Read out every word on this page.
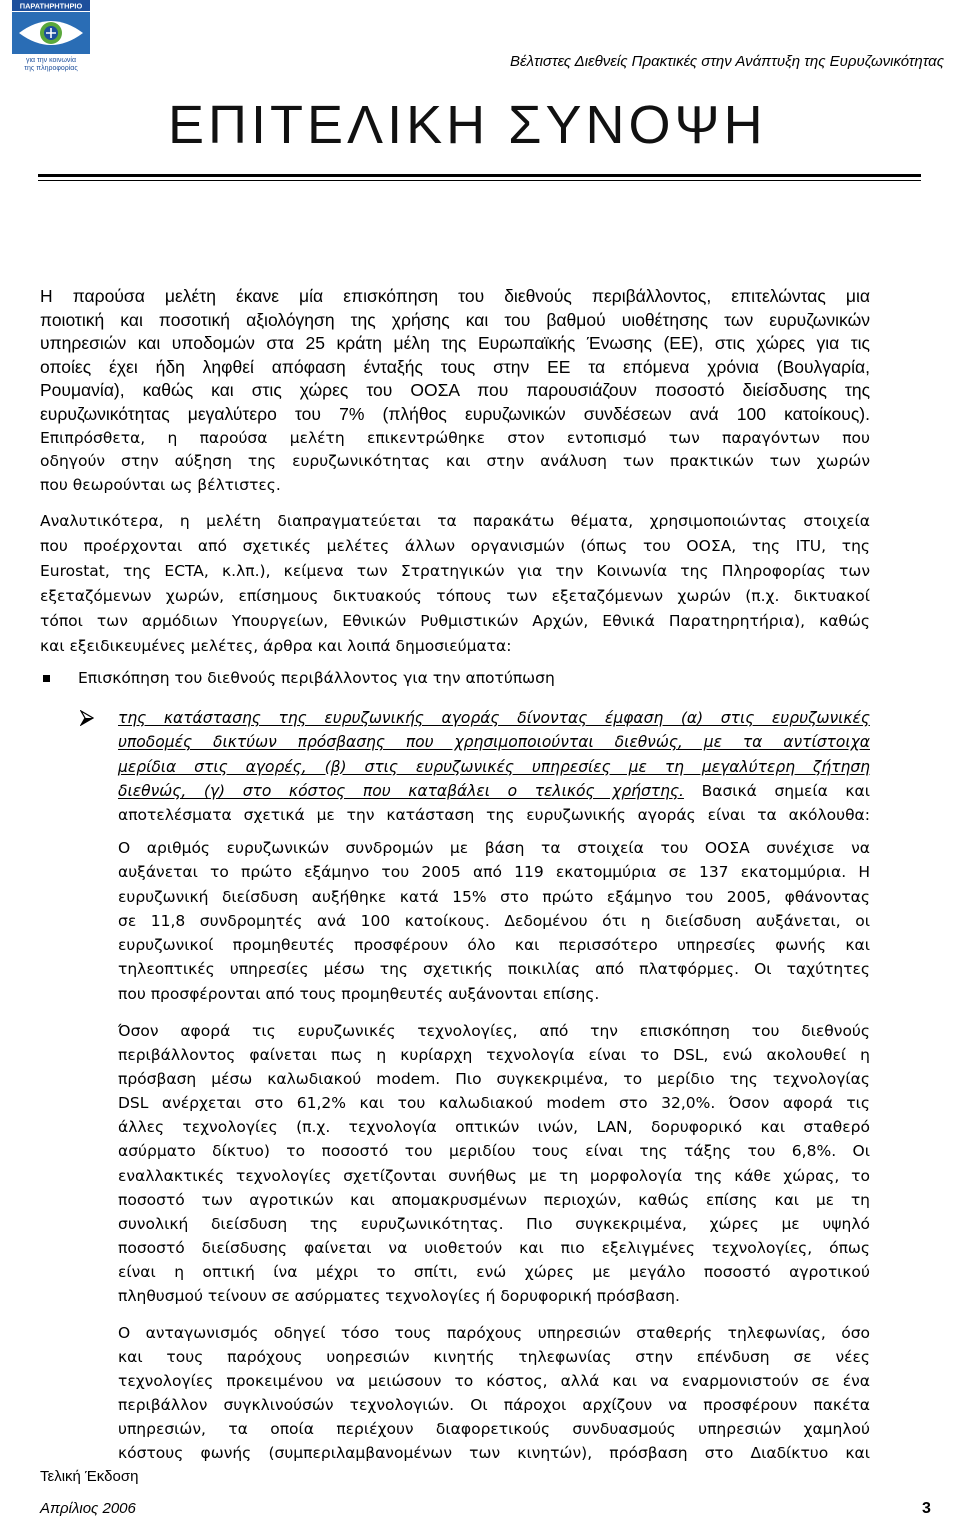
ΠΑΡΑΤΗΡΗΤΗΡΙΟ
για την κοινωνία
της πληροφορίας	Βέλτιστες Διεθνείς Πρακτικές στην Ανάπτυξη της Ευρυζωνικότητας
ΕΠΙΤΕΛΙΚΗ ΣΥΝΟΨΗ
Η παρούσα μελέτη έκανε μία επισκόπηση του διεθνούς περιβάλλοντος, επιτελώντας μια
ποιοτική και ποσοτική αξιολόγηση της χρήσης και του βαθμού υιοθέτησης των ευρυζωνικών
υπηρεσιών και υποδομών στα 25 κράτη μέλη της Ευρωπαϊκής Ένωσης (ΕΕ), στις χώρες για τις
οποίες έχει ήδη ληφθεί απόφαση ένταξής τους στην ΕΕ τα επόμενα χρόνια (Βουλγαρία,
Ρουμανία), καθώς και στις χώρες του ΟΟΣΑ που παρουσιάζουν ποσοστό διείσδυσης της
ευρυζωνικότητας μεγαλύτερο του 7% (πλήθος ευρυζωνικών συνδέσεων ανά 100 κατοίκους).
Επιπρόσθετα, η παρούσα μελέτη επικεντρώθηκε στον εντοπισμό των παραγόντων που
οδηγούν στην αύξηση της ευρυζωνικότητας και στην ανάλυση των πρακτικών των χωρών
που θεωρούνται ως βέλτιστες.
Αναλυτικότερα, η μελέτη διαπραγματεύεται τα παρακάτω θέματα, χρησιμοποιώντας στοιχεία
που προέρχονται από σχετικές μελέτες άλλων οργανισμών (όπως του ΟΟΣΑ, της ITU, της
Eurostat, της ECTA, κ.λπ.), κείμενα των Στρατηγικών για την Κοινωνία της Πληροφορίας των
εξεταζόμενων χωρών, επίσημους δικτυακούς τόπους των εξεταζόμενων χωρών (π.χ. δικτυακοί
τόποι των αρμόδιων Υπουργείων, Εθνικών Ρυθμιστικών Αρχών, Εθνικά Παρατηρητήρια), καθώς
και εξειδικευμένες μελέτες, άρθρα και λοιπά δημοσιεύματα:
Επισκόπηση του διεθνούς περιβάλλοντος για την αποτύπωση
της κατάστασης της ευρυζωνικής αγοράς δίνοντας έμφαση (α) στις ευρυζωνικές
υποδομές δικτύων πρόσβασης που χρησιμοποιούνται διεθνώς, με τα αντίστοιχα
μερίδια στις αγορές, (β) στις ευρυζωνικές υπηρεσίες με τη μεγαλύτερη ζήτηση
διεθνώς, (γ) στο κόστος που καταβάλει ο τελικός χρήστης. Βασικά σημεία και
αποτελέσματα σχετικά με την κατάσταση της ευρυζωνικής αγοράς είναι τα ακόλουθα:
Ο αριθμός ευρυζωνικών συνδρομών με βάση τα στοιχεία του ΟΟΣΑ συνέχισε να
αυξάνεται το πρώτο εξάμηνο του 2005 από 119 εκατομμύρια σε 137 εκατομμύρια. Η
ευρυζωνική διείσδυση αυξήθηκε κατά 15% στο πρώτο εξάμηνο του 2005, φθάνοντας
σε 11,8 συνδρομητές ανά 100 κατοίκους. Δεδομένου ότι η διείσδυση αυξάνεται, οι
ευρυζωνικοί προμηθευτές προσφέρουν όλο και περισσότερο υπηρεσίες φωνής και
τηλεοπτικές υπηρεσίες μέσω της σχετικής ποικιλίας από πλατφόρμες. Οι ταχύτητες
που προσφέρονται από τους προμηθευτές αυξάνονται επίσης.
Όσον αφορά τις ευρυζωνικές τεχνολογίες, από την επισκόπηση του διεθνούς
περιβάλλοντος φαίνεται πως η κυρίαρχη τεχνολογία είναι το DSL, ενώ ακολουθεί η
πρόσβαση μέσω καλωδιακού modem. Πιο συγκεκριμένα, το μερίδιο της τεχνολογίας
DSL ανέρχεται στο 61,2% και του καλωδιακού modem στο 32,0%. Όσον αφορά τις
άλλες τεχνολογίες (π.χ. τεχνολογία οπτικών ινών, LAN, δορυφορικό και σταθερό
ασύρματο δίκτυο) το ποσοστό του μεριδίου τους είναι της τάξης του 6,8%. Οι
εναλλακτικές τεχνολογίες σχετίζονται συνήθως με τη μορφολογία της κάθε χώρας, το
ποσοστό των αγροτικών και απομακρυσμένων περιοχών, καθώς επίσης και με τη
συνολική διείσδυση της ευρυζωνικότητας. Πιο συγκεκριμένα, χώρες με υψηλό
ποσοστό διείσδυσης φαίνεται να υιοθετούν και πιο εξελιγμένες τεχνολογίες, όπως
είναι η οπτική ίνα μέχρι το σπίτι, ενώ χώρες με μεγάλο ποσοστό αγροτικού
πληθυσμού τείνουν σε ασύρματες τεχνολογίες ή δορυφορική πρόσβαση.
Ο ανταγωνισμός οδηγεί τόσο τους παρόχους υπηρεσιών σταθερής τηλεφωνίας, όσο
και τους παρόχους υοηρεσιών κινητής τηλεφωνίας στην επένδυση σε νέες
τεχνολογίες προκειμένου να μειώσουν το κόστος, αλλά και να εναρμονιστούν σε ένα
περιβάλλον συγκλινούσών τεχνολογιών. Οι πάροχοι αρχίζουν να προσφέρουν πακέτα
υπηρεσιών, τα οποία περιέχουν διαφορετικούς συνδυασμούς υπηρεσιών χαμηλού
κόστους φωνής (συμπεριλαμβανομένων των κινητών), πρόσβαση στο Διαδίκτυο και
Τελική Έκδοση
Απρίλιος 2006	3
